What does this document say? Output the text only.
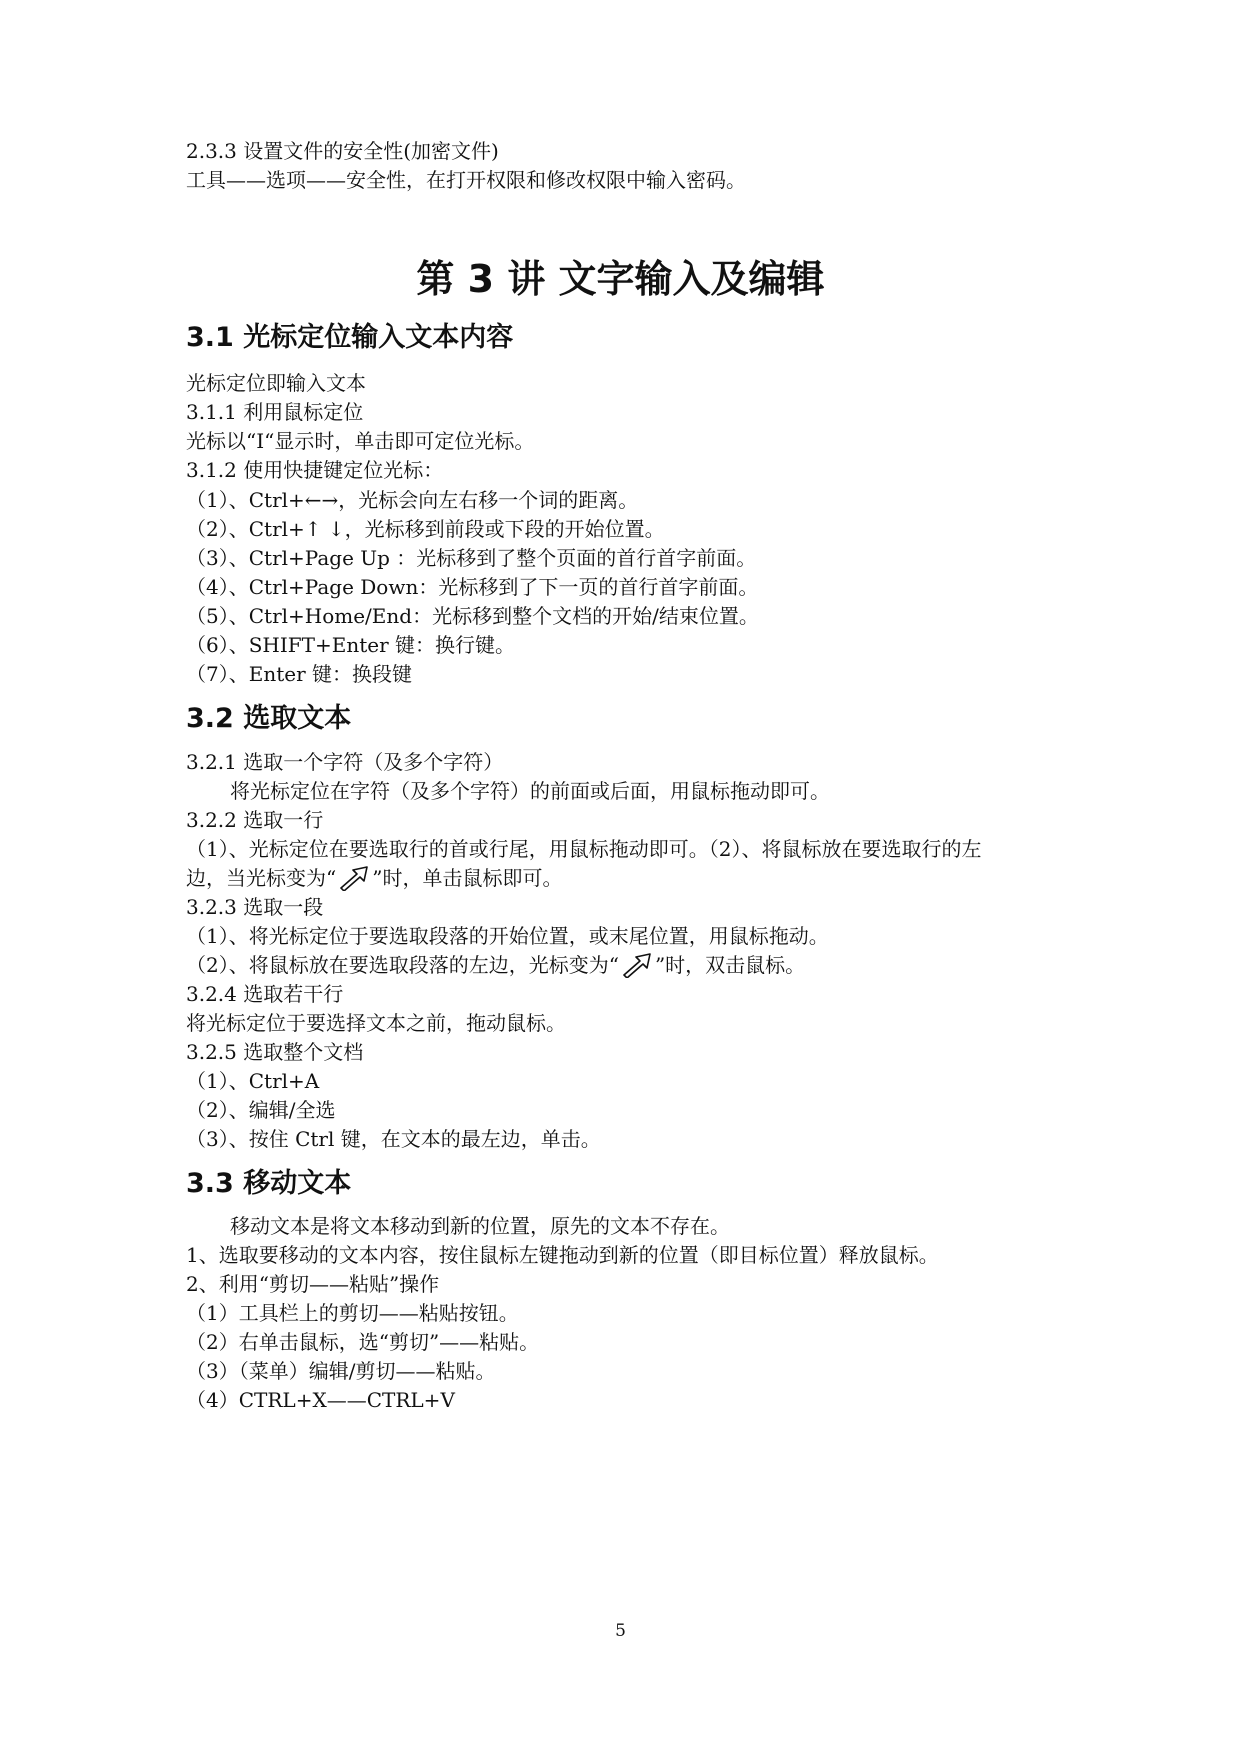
2.3.3 设置文件的安全性(加密文件)
工具——选项——安全性，在打开权限和修改权限中输入密码。
第 3 讲 文字输入及编辑
3.1 光标定位输入文本内容
光标定位即输入文本
3.1.1 利用鼠标定位
光标以“I“显示时，单击即可定位光标。
3.1.2 使用快捷键定位光标：
（1）、Ctrl+←→，光标会向左右移一个词的距离。
（2）、Ctrl+↑ ↓，光标移到前段或下段的开始位置。
（3）、Ctrl+Page Up ：光标移到了整个页面的首行首字前面。
（4）、Ctrl+Page Down：光标移到了下一页的首行首字前面。
（5）、Ctrl+Home/End：光标移到整个文档的开始/结束位置。
（6）、SHIFT+Enter 键：换行键。
（7）、Enter 键：换段键
3.2 选取文本
3.2.1 选取一个字符（及多个字符）
将光标定位在字符（及多个字符）的前面或后面，用鼠标拖动即可。
3.2.2 选取一行
（1）、光标定位在要选取行的首或行尾，用鼠标拖动即可。（2）、将鼠标放在要选取行的左
边，当光标变为“ ”时，单击鼠标即可。
3.2.3 选取一段
（1）、将光标定位于要选取段落的开始位置，或末尾位置，用鼠标拖动。
（2）、将鼠标放在要选取段落的左边，光标变为“ ”时，双击鼠标。
3.2.4 选取若干行
将光标定位于要选择文本之前，拖动鼠标。
3.2.5 选取整个文档
（1）、Ctrl+A
（2）、编辑/全选
（3）、按住 Ctrl 键，在文本的最左边，单击。
3.3 移动文本
移动文本是将文本移动到新的位置，原先的文本不存在。
1、选取要移动的文本内容，按住鼠标左键拖动到新的位置（即目标位置）释放鼠标。
2、利用“剪切——粘贴”操作
（1）工具栏上的剪切——粘贴按钮。
（2）右单击鼠标，选“剪切”——粘贴。
（3）（菜单）编辑/剪切——粘贴。
（4）CTRL+X——CTRL+V
5
